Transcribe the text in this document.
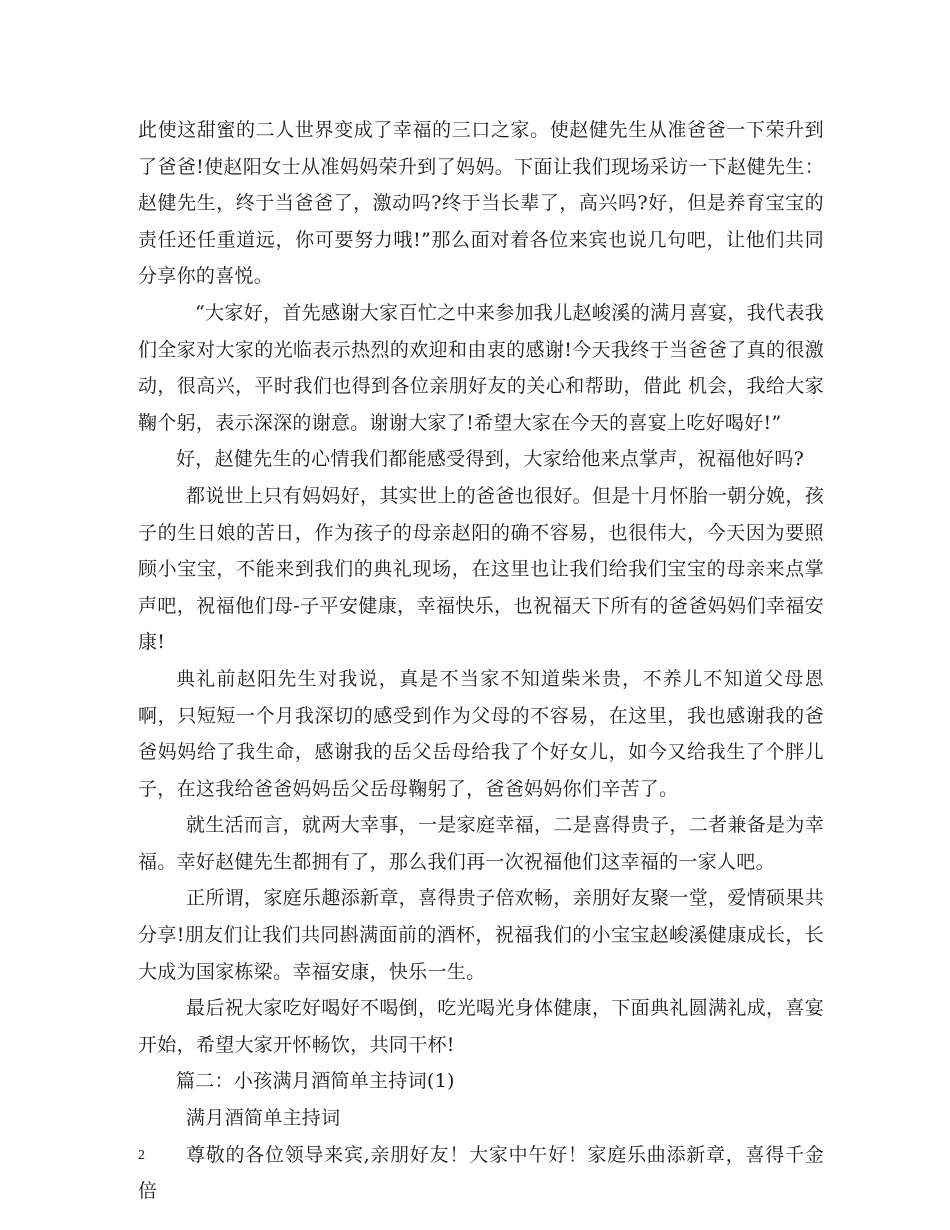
此使这甜蜜的二人世界变成了幸福的三口之家。使赵健先生从准爸爸一下荣升到了爸爸!使赵阳女士从准妈妈荣升到了妈妈。下面让我们现场采访一下赵健先生：赵健先生，终于当爸爸了，激动吗?终于当长辈了，高兴吗?好，但是养育宝宝的责任还任重道远，你可要努力哦!”那么面对着各位来宾也说几句吧，让他们共同分享你的喜悦。

“大家好，首先感谢大家百忙之中来参加我儿赵峻溪的满月喜宴，我代表我们全家对大家的光临表示热烈的欢迎和由衷的感谢!今天我终于当爸爸了真的很激动，很高兴，平时我们也得到各位亲朋好友的关心和帮助，借此 机会，我给大家鞠个躬，表示深深的谢意。谢谢大家了!希望大家在今天的喜宴上吃好喝好!”

好，赵健先生的心情我们都能感受得到，大家给他来点掌声，祝福他好吗?

都说世上只有妈妈好，其实世上的爸爸也很好。但是十月怀胎一朝分娩，孩子的生日娘的苦日，作为孩子的母亲赵阳的确不容易，也很伟大，今天因为要照顾小宝宝，不能来到我们的典礼现场，在这里也让我们给我们宝宝的母亲来点掌声吧，祝福他们母-子平安健康，幸福快乐，也祝福天下所有的爸爸妈妈们幸福安康!

典礼前赵阳先生对我说，真是不当家不知道柴米贵，不养儿不知道父母恩啊，只短短一个月我深切的感受到作为父母的不容易，在这里，我也感谢我的爸爸妈妈给了我生命，感谢我的岳父岳母给我了个好女儿，如今又给我生了个胖儿子，在这我给爸爸妈妈岳父岳母鞠躬了，爸爸妈妈你们辛苦了。

就生活而言，就两大幸事，一是家庭幸福，二是喜得贵子，二者兼备是为幸福。幸好赵健先生都拥有了，那么我们再一次祝福他们这幸福的一家人吧。

正所谓，家庭乐趣添新章，喜得贵子倍欢畅，亲朋好友聚一堂，爱情硕果共分享!朋友们让我们共同斟满面前的酒杯，祝福我们的小宝宝赵峻溪健康成长，长大成为国家栋梁。幸福安康，快乐一生。

最后祝大家吃好喝好不喝倒，吃光喝光身体健康，下面典礼圆满礼成，喜宴开始，希望大家开怀畅饮，共同干杯!

篇二：小孩满月酒简单主持词(1)

满月酒简单主持词

尊敬的各位领导来宾,亲朋好友！大家中午好！家庭乐曲添新章，喜得千金倍

2
